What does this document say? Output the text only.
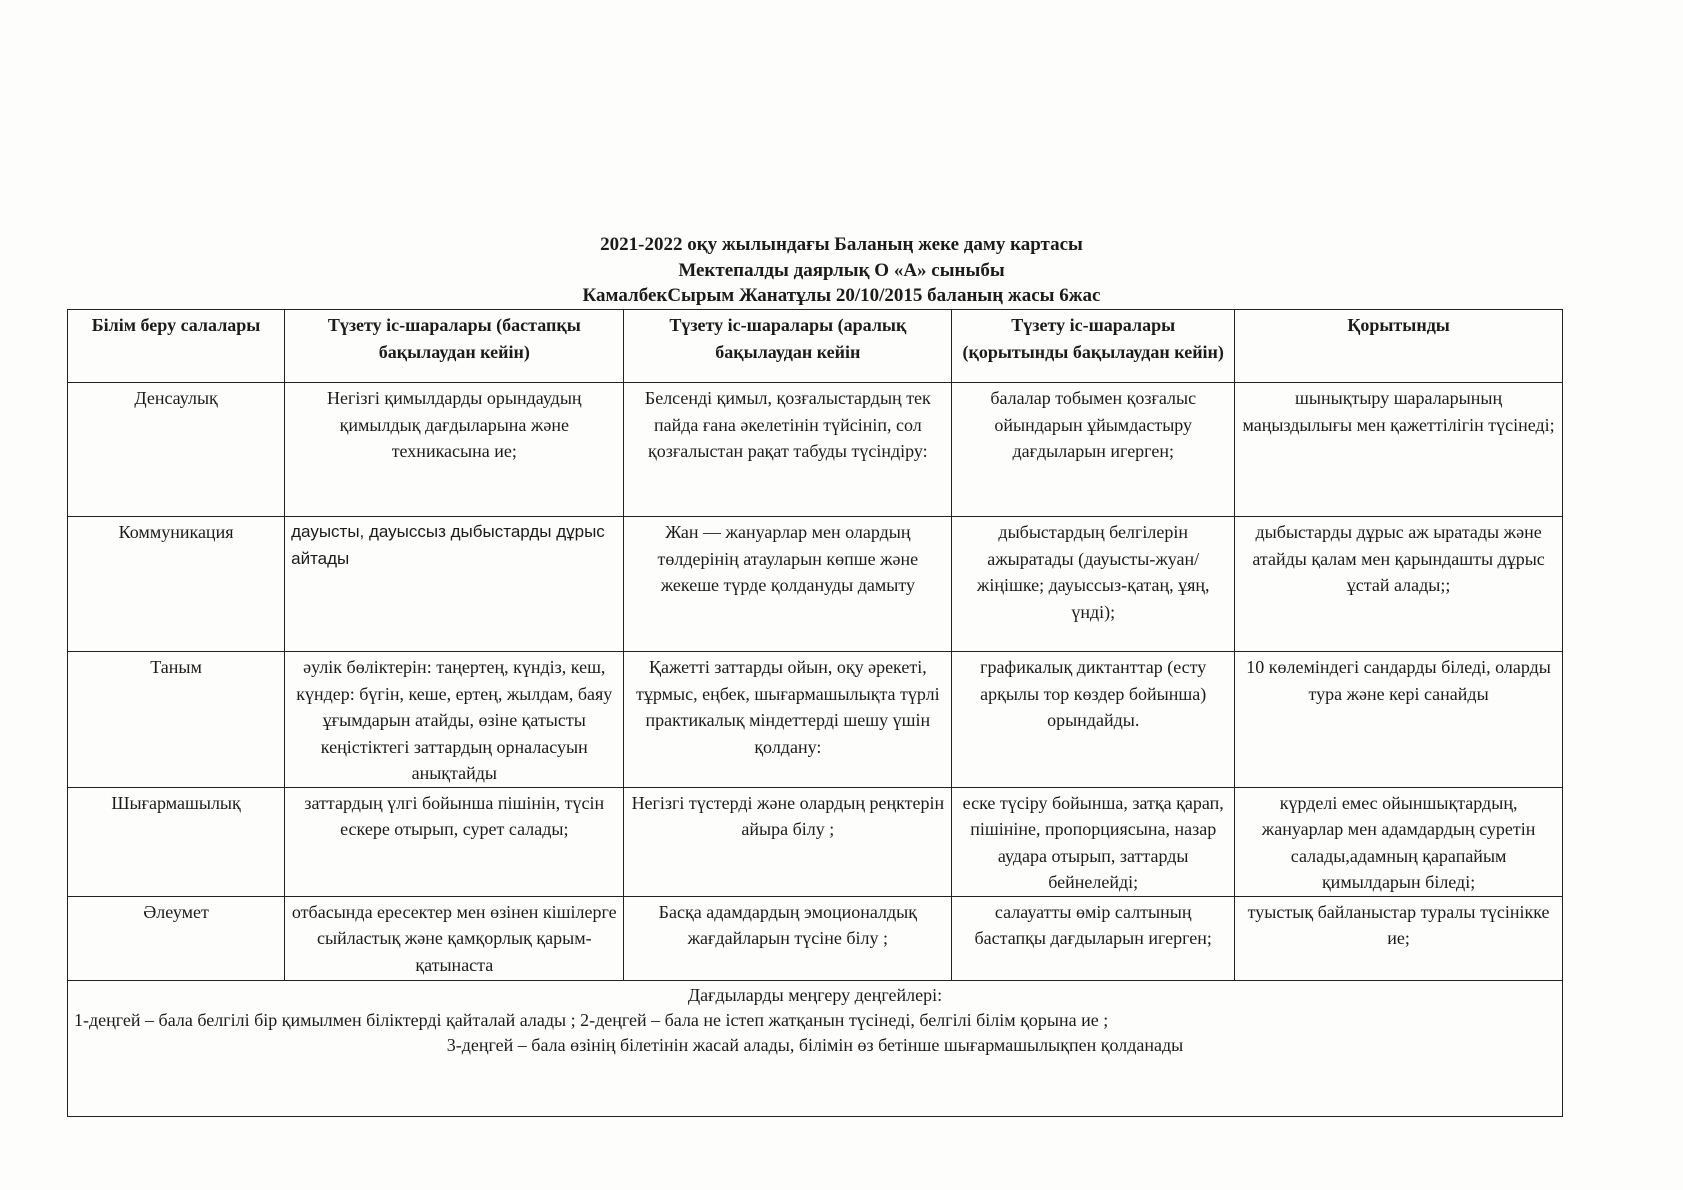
2021-2022 оқу жылындағы Баланың жеке даму картасы
Мектепалды даярлық О «А» сыныбы
КамалбекСырым Жанатұлы 20/10/2015 баланың жасы 6жас
Білім беру салалары	Түзету іс-шаралары (бастапқы бақылаудан кейін)	Түзету іс-шаралары (аралық бақылаудан кейін	Түзету іс-шаралары (қорытынды бақылаудан кейін)	Қорытынды
Денсаулық	Негізгі қимылдарды орындаудың қимылдық дағдыларына және техникасына ие;	Белсенді қимыл, қозғалыстардың тек пайда ғана әкелетінін түйсініп, сол қозғалыстан рақат табуды түсіндіру:	балалар тобымен қозғалыс ойындарын ұйымдастыру дағдыларын игерген;	шынықтыру шараларының маңыздылығы мен қажеттілігін түсінеді;
Коммуникация	дауысты, дауыссыз дыбыстарды дұрыс айтады	Жан — жануарлар мен олардың төлдерінің атауларын көпше және жекеше түрде қолдануды дамыту	дыбыстардың белгілерін ажыратады (дауысты-жуан/жіңішке; дауыссыз-қатаң, ұяң, үнді);	дыбыстарды дұрыс аж ыратады және атайды қалам мен қарындашты дұрыс ұстай алады;;
Таным	әулік бөліктерін: таңертең, күндіз, кеш, күндер: бүгін, кеше, ертең, жылдам, баяу ұғымдарын атайды, өзіне қатысты кеңістіктегі заттардың орналасуын анықтайды	Қажетті заттарды ойын, оқу әрекеті, тұрмыс, еңбек, шығармашылықта түрлі практикалық міндеттерді шешу үшін қолдану:	графикалық диктанттар (есту арқылы тор көздер бойынша) орындайды.	10 көлеміндегі сандарды біледі, оларды тура және кері санайды
Шығармашылық	заттардың үлгі бойынша пішінін, түсін ескере отырып, сурет салады;	Негізгі түстерді және олардың реңктерін айыра білу ;	еске түсіру бойынша, затқа қарап, пішініне, пропорциясына, назар аудара отырып, заттарды бейнелейді;	күрделі емес ойыншықтардың, жануарлар мен адамдардың суретін салады,адамның қарапайым қимылдарын біледі;
Әлеумет	отбасында ересектер мен өзінен кішілерге сыйластық және қамқорлық қарым-қатынаста	Басқа адамдардың эмоционалдық жағдайларын түсіне білу ;	салауатты өмір салтының бастапқы дағдыларын игерген;	туыстық байланыстар туралы түсінікке ие;

Дағдыларды меңгеру деңгейлері:
1-деңгей – бала белгілі бір қимылмен біліктерді қайталай алады ; 2-деңгей – бала не істеп жатқанын түсінеді, белгілі білім қорына ие ;
3-деңгей – бала өзінің білетінін жасай алады, білімін өз бетінше шығармашылықпен қолданады				
